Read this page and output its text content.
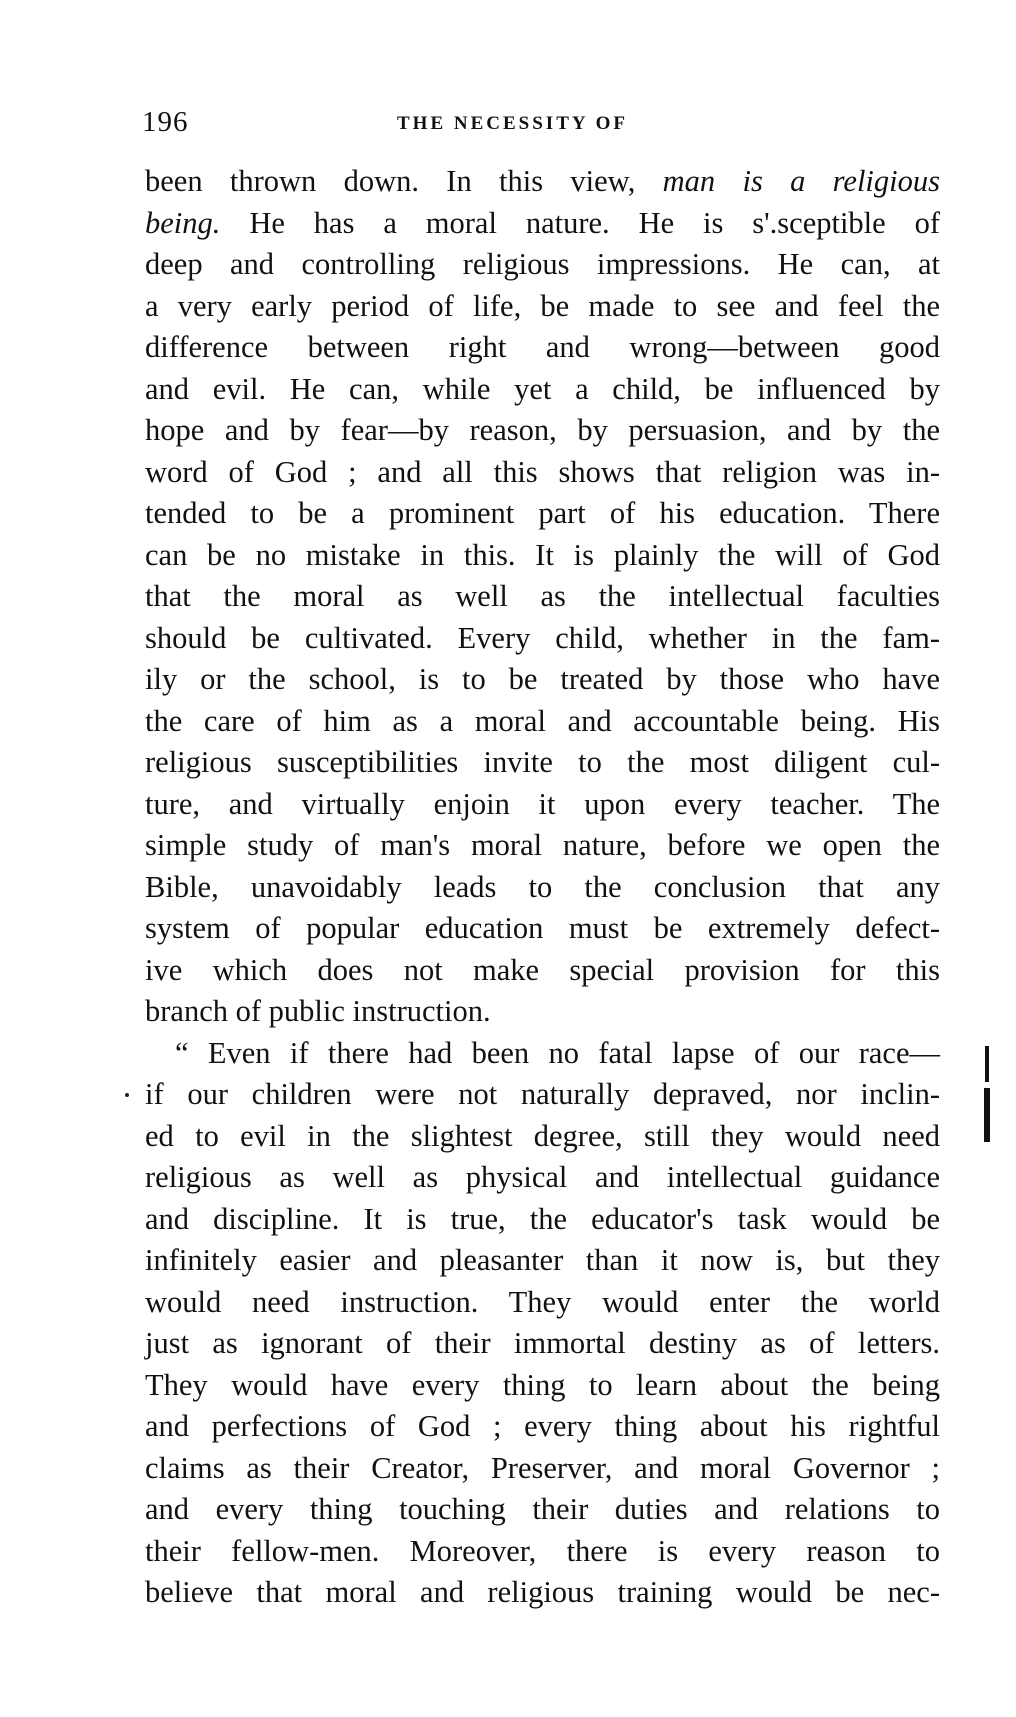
196	THE NECESSITY OF
been thrown down. In this view, man is a religious
being. He has a moral nature. He is s'.sceptible of
deep and controlling religious impressions. He can, at
a very early period of life, be made to see and feel the
difference between right and wrong—between good
and evil. He can, while yet a child, be influenced by
hope and by fear—by reason, by persuasion, and by the
word of God ; and all this shows that religion was in-
tended to be a prominent part of his education. There
can be no mistake in this. It is plainly the will of God
that the moral as well as the intellectual faculties
should be cultivated. Every child, whether in the fam-
ily or the school, is to be treated by those who have
the care of him as a moral and accountable being. His
religious susceptibilities invite to the most diligent cul-
ture, and virtually enjoin it upon every teacher. The
simple study of man's moral nature, before we open the
Bible, unavoidably leads to the conclusion that any
system of popular education must be extremely defect-
ive which does not make special provision for this
branch of public instruction.
“ Even if there had been no fatal lapse of our race—
if our children were not naturally depraved, nor inclin-
ed to evil in the slightest degree, still they would need
religious as well as physical and intellectual guidance
and discipline. It is true, the educator's task would be
infinitely easier and pleasanter than it now is, but they
would need instruction. They would enter the world
just as ignorant of their immortal destiny as of letters.
They would have every thing to learn about the being
and perfections of God ; every thing about his rightful
claims as their Creator, Preserver, and moral Governor ;
and every thing touching their duties and relations to
their fellow-men. Moreover, there is every reason to
believe that moral and religious training would be nec-
